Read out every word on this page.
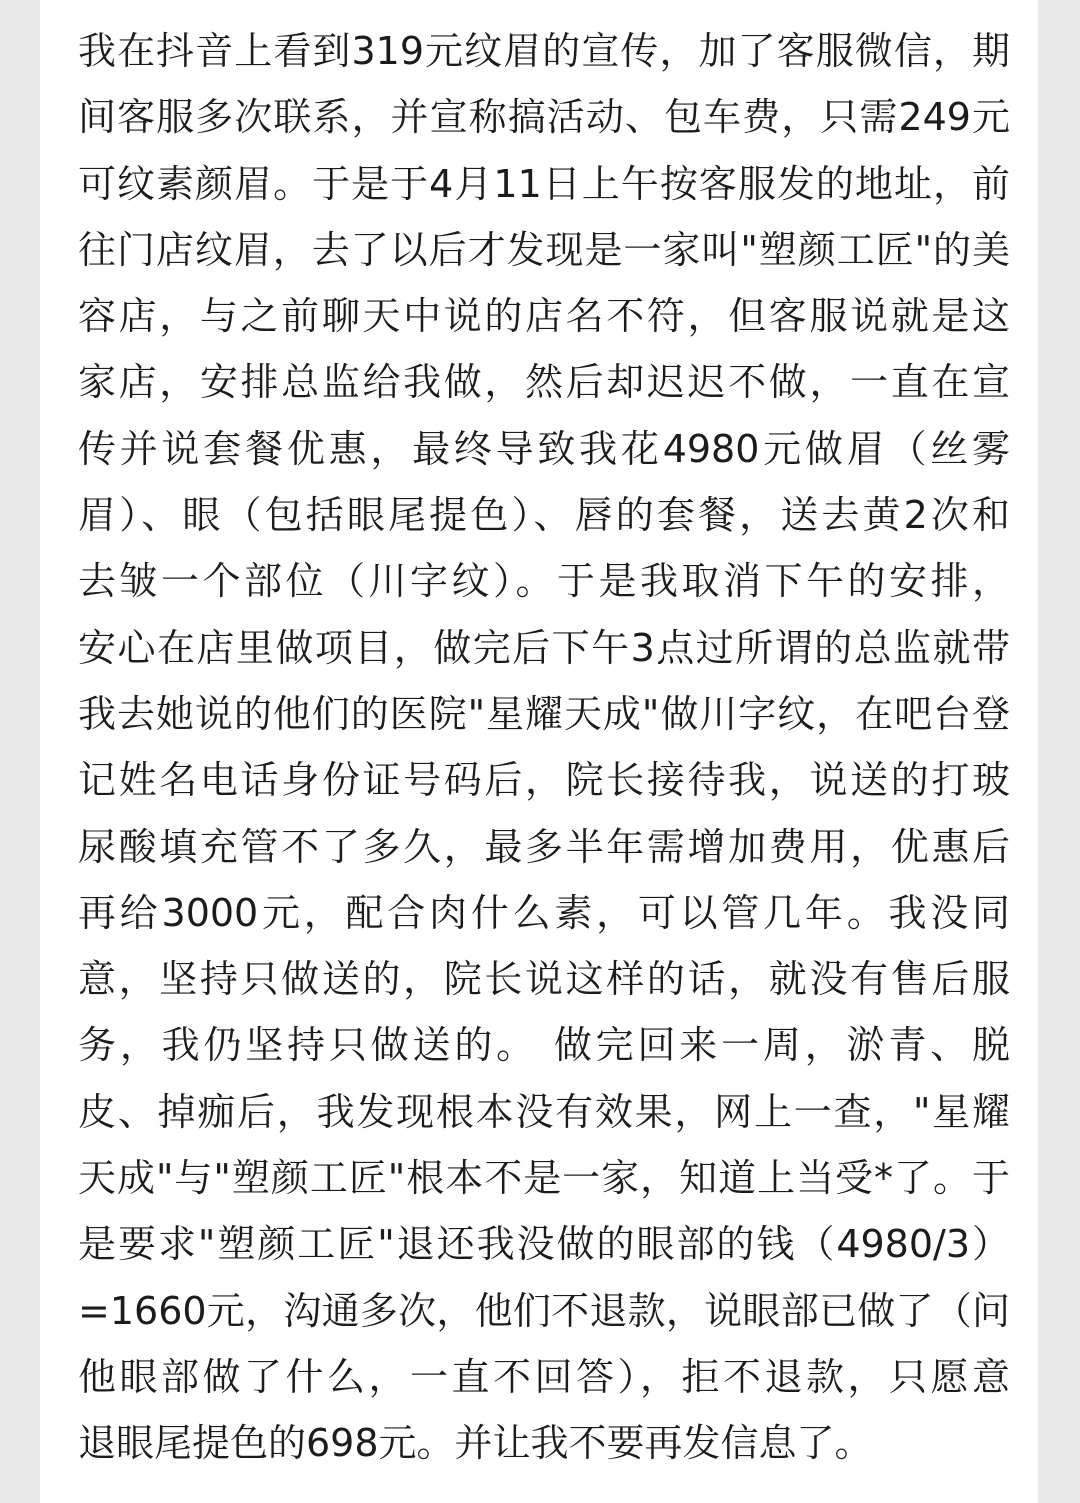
我在抖音上看到319元纹眉的宣传，加了客服微信，期
间客服多次联系，并宣称搞活动、包车费，只需249元
可纹素颜眉。于是于4月11日上午按客服发的地址，前
往门店纹眉，去了以后才发现是一家叫"塑颜工匠"的美
容店，与之前聊天中说的店名不符，但客服说就是这
家店，安排总监给我做，然后却迟迟不做，一直在宣
传并说套餐优惠，最终导致我花4980元做眉（丝雾
眉）、眼（包括眼尾提色）、唇的套餐，送去黄2次和
去皱一个部位（川字纹）。于是我取消下午的安排，
安心在店里做项目，做完后下午3点过所谓的总监就带
我去她说的他们的医院"星耀天成"做川字纹，在吧台登
记姓名电话身份证号码后，院长接待我，说送的打玻
尿酸填充管不了多久，最多半年需增加费用，优惠后
再给3000元，配合肉什么素，可以管几年。我没同
意，坚持只做送的，院长说这样的话，就没有售后服
务，我仍坚持只做送的。 做完回来一周，淤青、脱
皮、掉痂后，我发现根本没有效果，网上一查，"星耀
天成"与"塑颜工匠"根本不是一家，知道上当受*了。于
是要求"塑颜工匠"退还我没做的眼部的钱（4980/3）
=1660元，沟通多次，他们不退款，说眼部已做了（问
他眼部做了什么，一直不回答），拒不退款，只愿意
退眼尾提色的698元。并让我不要再发信息了。
